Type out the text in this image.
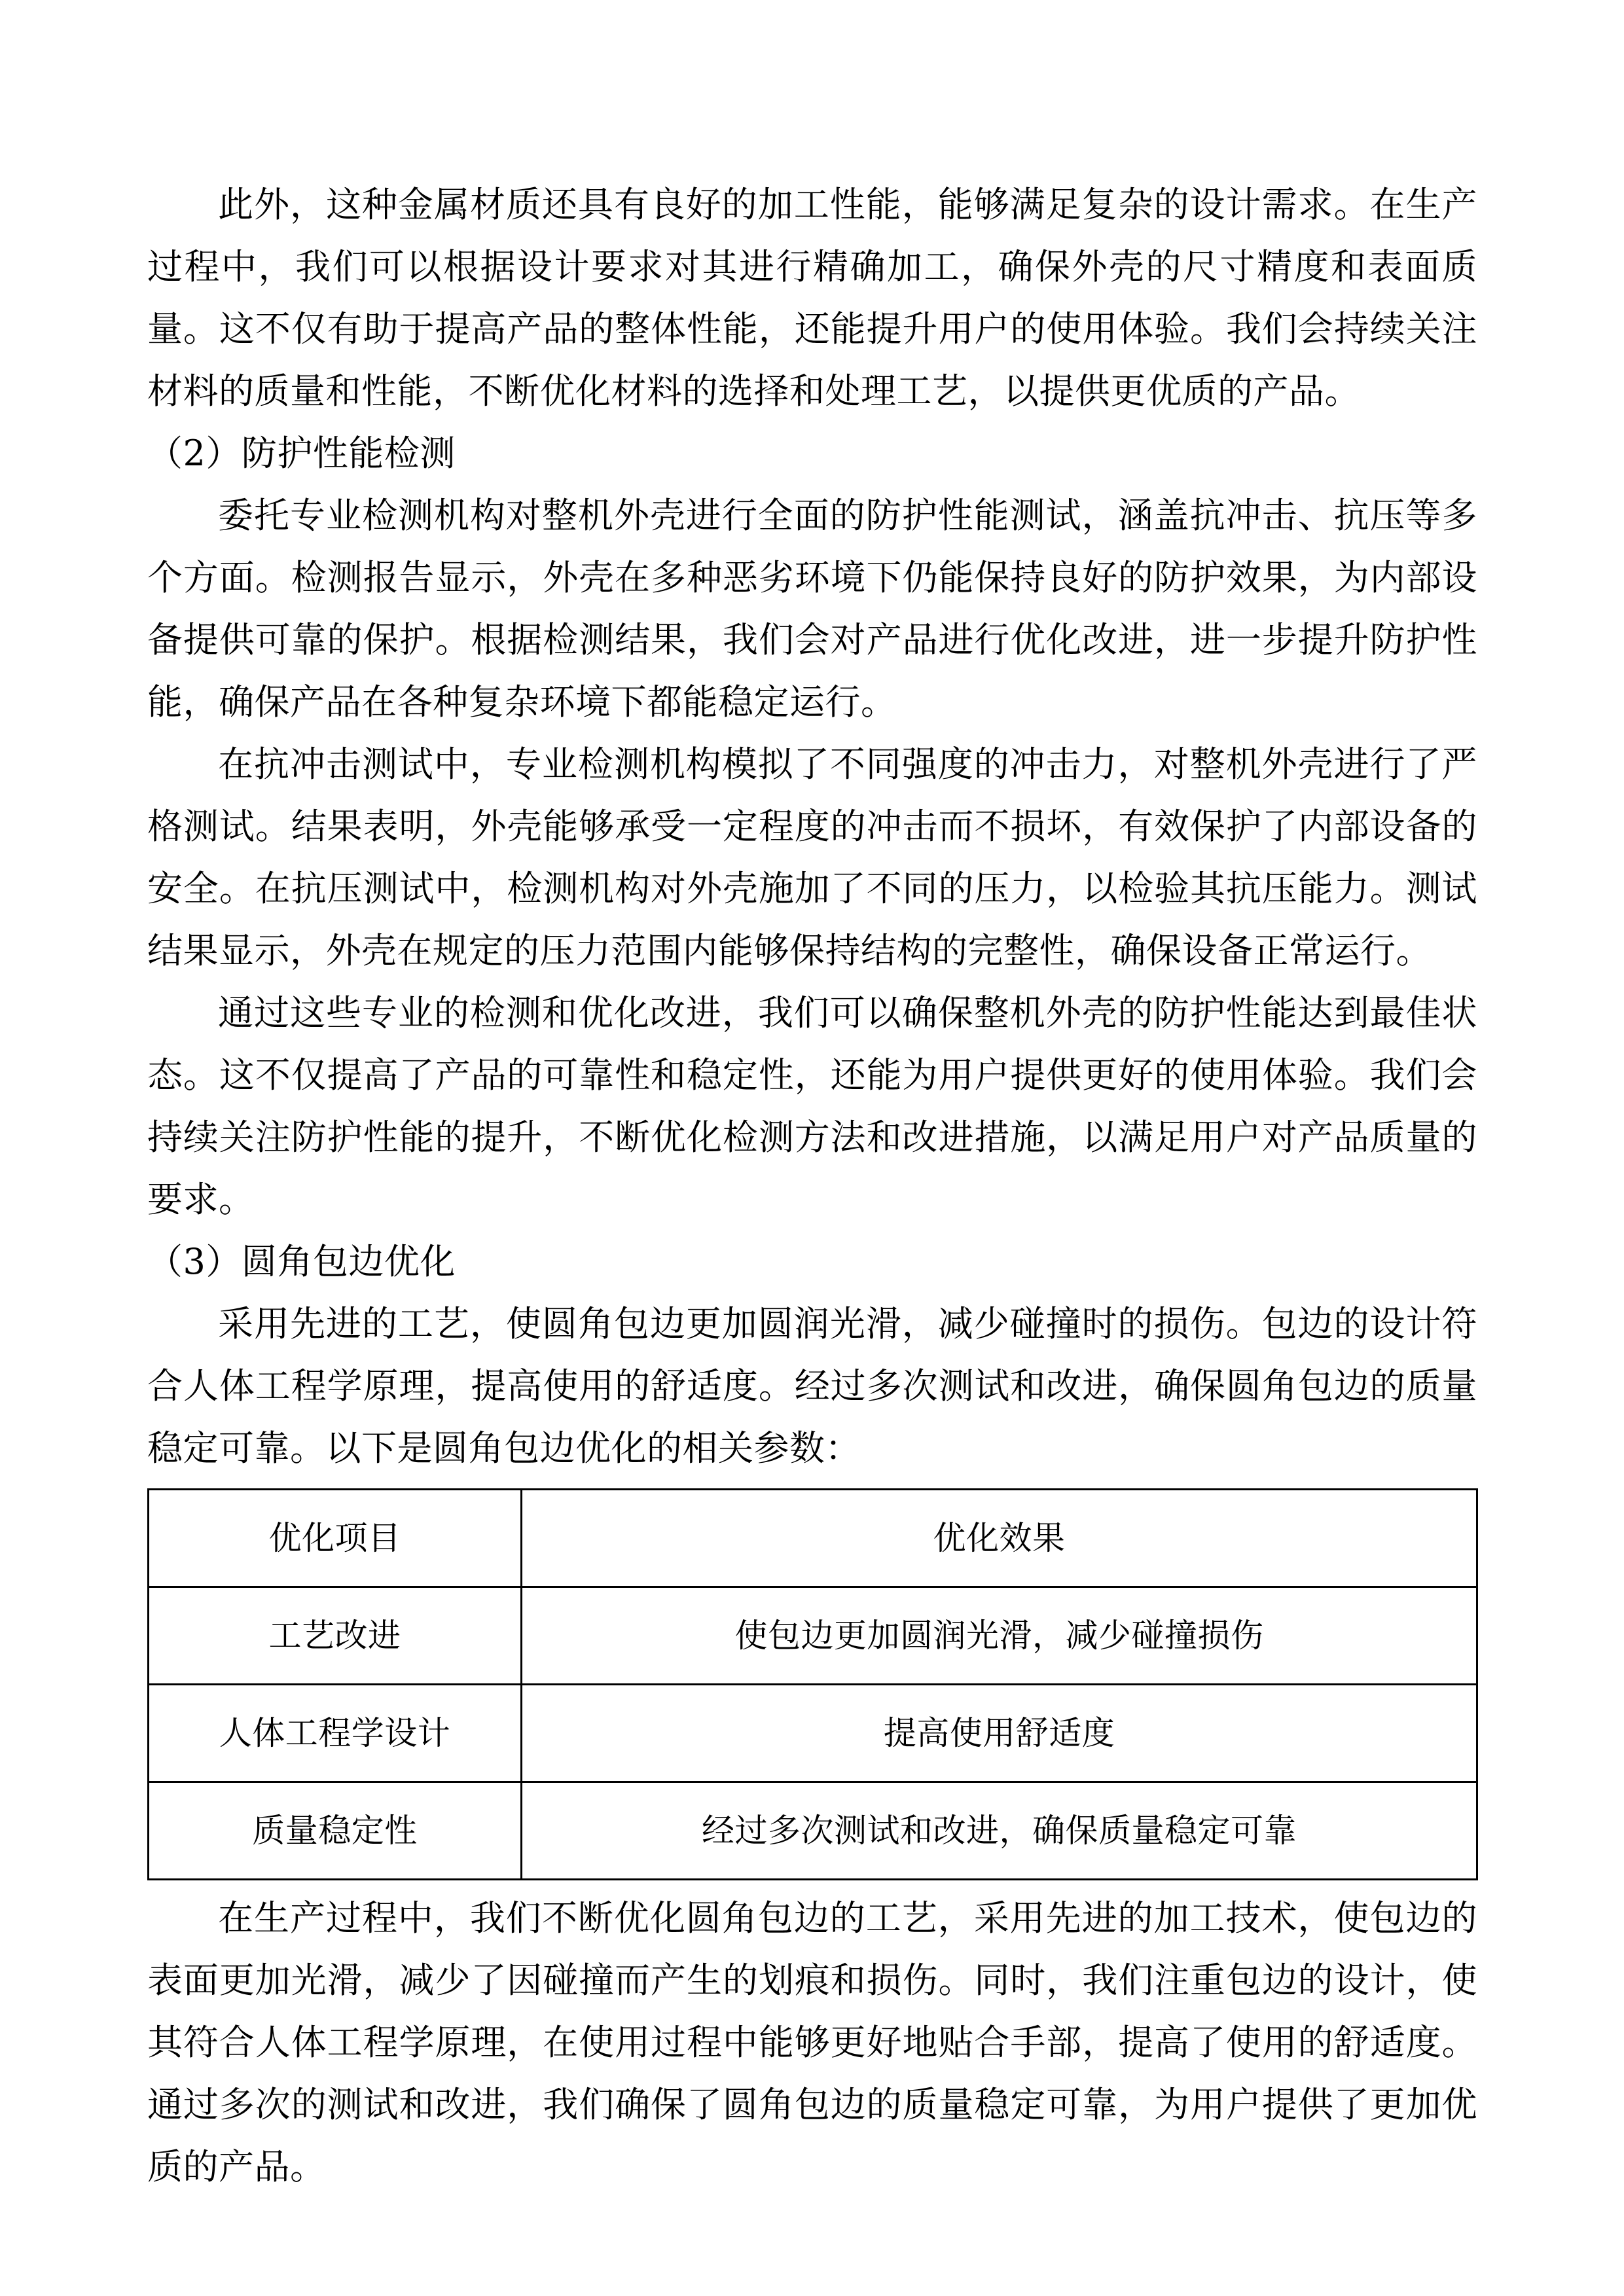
此外，这种金属材质还具有良好的加工性能，能够满足复杂的设计需求。在生产过程中，我们可以根据设计要求对其进行精确加工，确保外壳的尺寸精度和表面质量。这不仅有助于提高产品的整体性能，还能提升用户的使用体验。我们会持续关注材料的质量和性能，不断优化材料的选择和处理工艺，以提供更优质的产品。

（2）防护性能检测

委托专业检测机构对整机外壳进行全面的防护性能测试，涵盖抗冲击、抗压等多个方面。检测报告显示，外壳在多种恶劣环境下仍能保持良好的防护效果，为内部设备提供可靠的保护。根据检测结果，我们会对产品进行优化改进，进一步提升防护性能，确保产品在各种复杂环境下都能稳定运行。

在抗冲击测试中，专业检测机构模拟了不同强度的冲击力，对整机外壳进行了严格测试。结果表明，外壳能够承受一定程度的冲击而不损坏，有效保护了内部设备的安全。在抗压测试中，检测机构对外壳施加了不同的压力，以检验其抗压能力。测试结果显示，外壳在规定的压力范围内能够保持结构的完整性，确保设备正常运行。

通过这些专业的检测和优化改进，我们可以确保整机外壳的防护性能达到最佳状态。这不仅提高了产品的可靠性和稳定性，还能为用户提供更好的使用体验。我们会持续关注防护性能的提升，不断优化检测方法和改进措施，以满足用户对产品质量的要求。

（3）圆角包边优化

采用先进的工艺，使圆角包边更加圆润光滑，减少碰撞时的损伤。包边的设计符合人体工程学原理，提高使用的舒适度。经过多次测试和改进，确保圆角包边的质量稳定可靠。以下是圆角包边优化的相关参数：

优化项目	优化效果
工艺改进	使包边更加圆润光滑，减少碰撞损伤
人体工程学设计	提高使用舒适度
质量稳定性	经过多次测试和改进，确保质量稳定可靠

在生产过程中，我们不断优化圆角包边的工艺，采用先进的加工技术，使包边的表面更加光滑，减少了因碰撞而产生的划痕和损伤。同时，我们注重包边的设计，使其符合人体工程学原理，在使用过程中能够更好地贴合手部，提高了使用的舒适度。通过多次的测试和改进，我们确保了圆角包边的质量稳定可靠，为用户提供了更加优质的产品。
